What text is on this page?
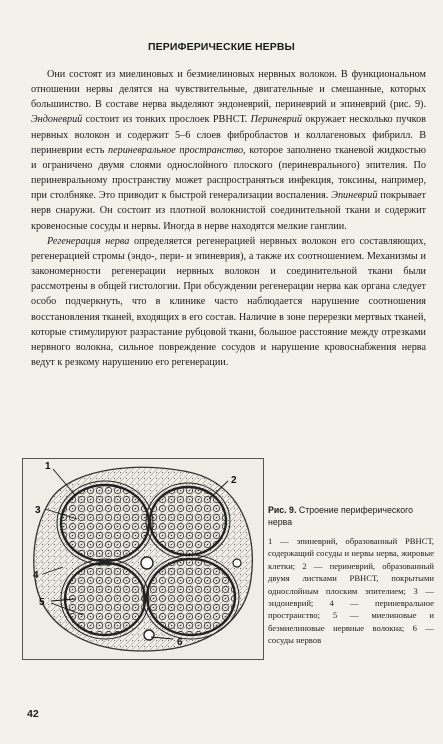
ПЕРИФЕРИЧЕСКИЕ НЕРВЫ

Они состоят из миелиновых и безмиелиновых нервных волокон. В функциональном отношении нервы делятся на чувствительные, двигательные и смешанные, которых большинство. В составе нерва выделяют эндоневрий, периневрий и эпиневрий (рис. 9). Эндоневрий состоит из тонких прослоек РВНСТ. Периневрий окружает несколько пучков нервных волокон и содержит 5–6 слоев фибробластов и коллагеновых фибрилл. В периневрии есть периневральное пространство, которое заполнено тканевой жидкостью и ограничено двумя слоями однослойного плоского (периневрального) эпителия. По периневральному пространству может распространяться инфекция, токсины, например, при столбняке. Это приводит к быстрой генерализации воспаления. Эпиневрий покрывает нерв снаружи. Он состоит из плотной волокнистой соединительной ткани и содержит кровеносные сосуды и нервы. Иногда в нерве находятся мелкие ганглии.

Регенерация нерва определяется регенерацией нервных волокон его составляющих, регенерацией стромы (эндо-, пери- и эпиневрия), а также их соотношением. Механизмы и закономерности регенерации нервных волокон и соединительной ткани были рассмотрены в общей гистологии. При обсуждении регенерации нерва как органа следует особо подчеркнуть, что в клинике часто наблюдается нарушение соотношения восстановления тканей, входящих в его состав. Наличие в зоне перерезки мертвых тканей, которые стимулируют разрастание рубцовой ткани, большое расстояние между отрезками нервного волокна, сильное повреждение сосудов и нарушение кровоснабжения нерва ведут к резкому нарушению его регенерации.

1
2
3
4
5
6
Рис. 9. Строение периферического нерва
1 — эпиневрий, образованный РВНСТ, содержащий сосуды и нервы нерва, жировые клетки; 2 — периневрий, образованный двумя листками РВНСТ, покрытыми однослойным плоским эпителием; 3 — эндоневрий; 4 — периневральное пространство; 5 — миелиновые и безмиелиновые нервные волокна; 6 — сосуды нервов
42
